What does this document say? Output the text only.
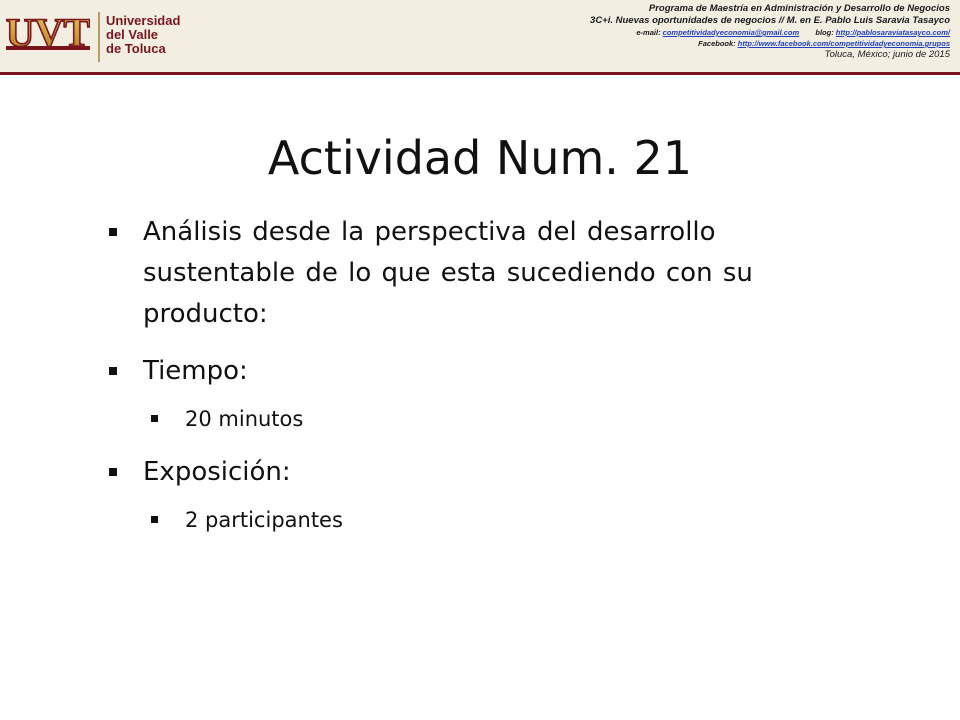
UVT Universidad
del Valle
de Toluca
Programa de Maestría en Administración y Desarrollo de Negocios
3C+i. Nuevas oportunidades de negocios // M. en E. Pablo Luis Saravia Tasayco
e-mail: competitividadyeconomia@gmail.com blog: http://pablosaraviatasayco.com/
Facebook: http://www.facebook.com/competitividadyeconomia.grupos
Toluca, México; junio de 2015
Actividad Num. 21
Análisis desde la perspectiva del desarrollo sustentable de lo que esta sucediendo con su producto:
Tiempo:
20 minutos
Exposición:
2 participantes
